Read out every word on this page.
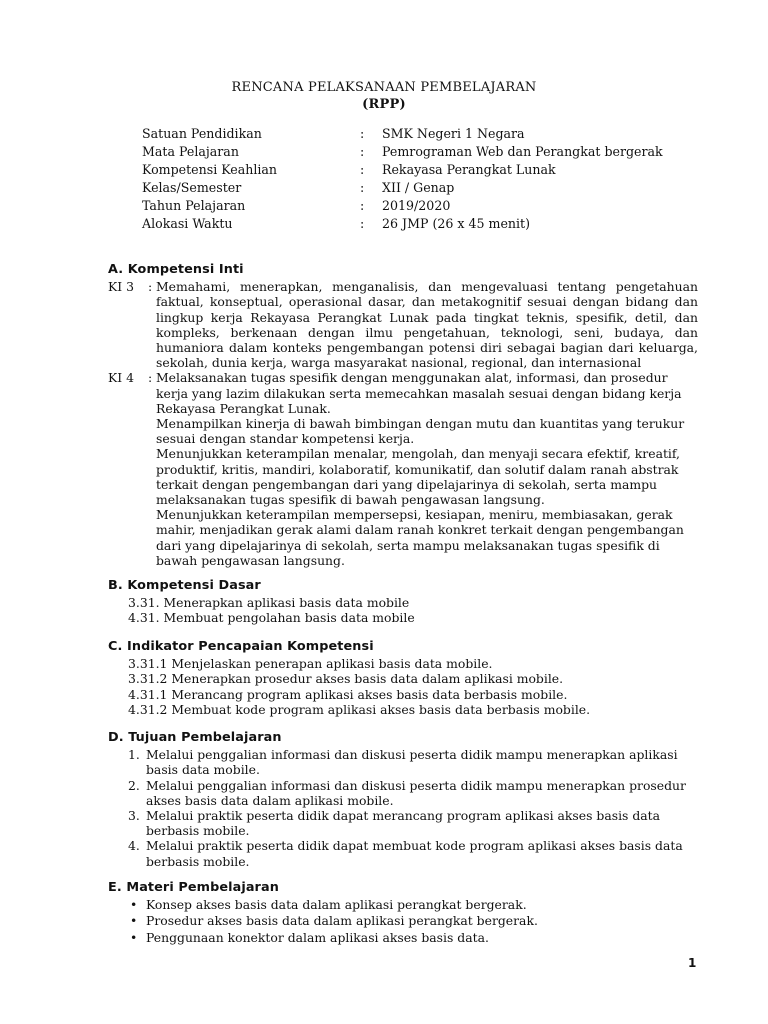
RENCANA PELAKSANAAN PEMBELAJARAN
(RPP)
Satuan Pendidikan	:	SMK Negeri 1 Negara
Mata Pelajaran	:	Pemrograman Web dan Perangkat bergerak
Kompetensi Keahlian	:	Rekayasa Perangkat Lunak
Kelas/Semester	:	XII / Genap
Tahun Pelajaran	:	2019/2020
Alokasi Waktu	:	26 JMP (26 x 45 menit)
A. Kompetensi Inti
KI 3	: Memahami, menerapkan, menganalisis, dan mengevaluasi tentang pengetahuan faktual, konseptual, operasional dasar, dan metakognitif sesuai dengan bidang dan lingkup kerja Rekayasa Perangkat Lunak pada tingkat teknis, spesifik, detil, dan kompleks, berkenaan dengan ilmu pengetahuan, teknologi, seni, budaya, dan humaniora dalam konteks pengembangan potensi diri sebagai bagian dari keluarga, sekolah, dunia kerja, warga masyarakat nasional, regional, dan internasional
KI 4	: Melaksanakan tugas spesifik dengan menggunakan alat, informasi, dan prosedur kerja yang lazim dilakukan serta memecahkan masalah sesuai dengan bidang kerja Rekayasa Perangkat Lunak.

Menampilkan kinerja di bawah bimbingan dengan mutu dan kuantitas yang terukur sesuai dengan standar kompetensi kerja.

Menunjukkan keterampilan menalar, mengolah, dan menyaji secara efektif, kreatif, produktif, kritis, mandiri, kolaboratif, komunikatif, dan solutif dalam ranah abstrak terkait dengan pengembangan dari yang dipelajarinya di sekolah, serta mampu melaksanakan tugas spesifik di bawah pengawasan langsung.

Menunjukkan keterampilan mempersepsi, kesiapan, meniru, membiasakan, gerak mahir, menjadikan gerak alami dalam ranah konkret terkait dengan pengembangan dari yang dipelajarinya di sekolah, serta mampu melaksanakan tugas spesifik di bawah pengawasan langsung.

B. Kompetensi Dasar
3.31. Menerapkan aplikasi basis data mobile
4.31. Membuat pengolahan basis data mobile
C. Indikator Pencapaian Kompetensi
3.31.1 Menjelaskan penerapan aplikasi basis data mobile.
3.31.2 Menerapkan prosedur akses basis data dalam aplikasi mobile.
4.31.1 Merancang program aplikasi akses basis data berbasis mobile.
4.31.2 Membuat kode program aplikasi akses basis data berbasis mobile.
D. Tujuan Pembelajaran
1. Melalui penggalian informasi dan diskusi peserta didik mampu menerapkan aplikasi basis data mobile.
2. Melalui penggalian informasi dan diskusi peserta didik mampu menerapkan prosedur akses basis data dalam aplikasi mobile.
3. Melalui praktik peserta didik dapat merancang program aplikasi akses basis data berbasis mobile.
4. Melalui praktik peserta didik dapat membuat kode program aplikasi akses basis data berbasis mobile.
E. Materi Pembelajaran
• Konsep akses basis data dalam aplikasi perangkat bergerak.
• Prosedur akses basis data dalam aplikasi perangkat bergerak.
• Penggunaan konektor dalam aplikasi akses basis data.
1
